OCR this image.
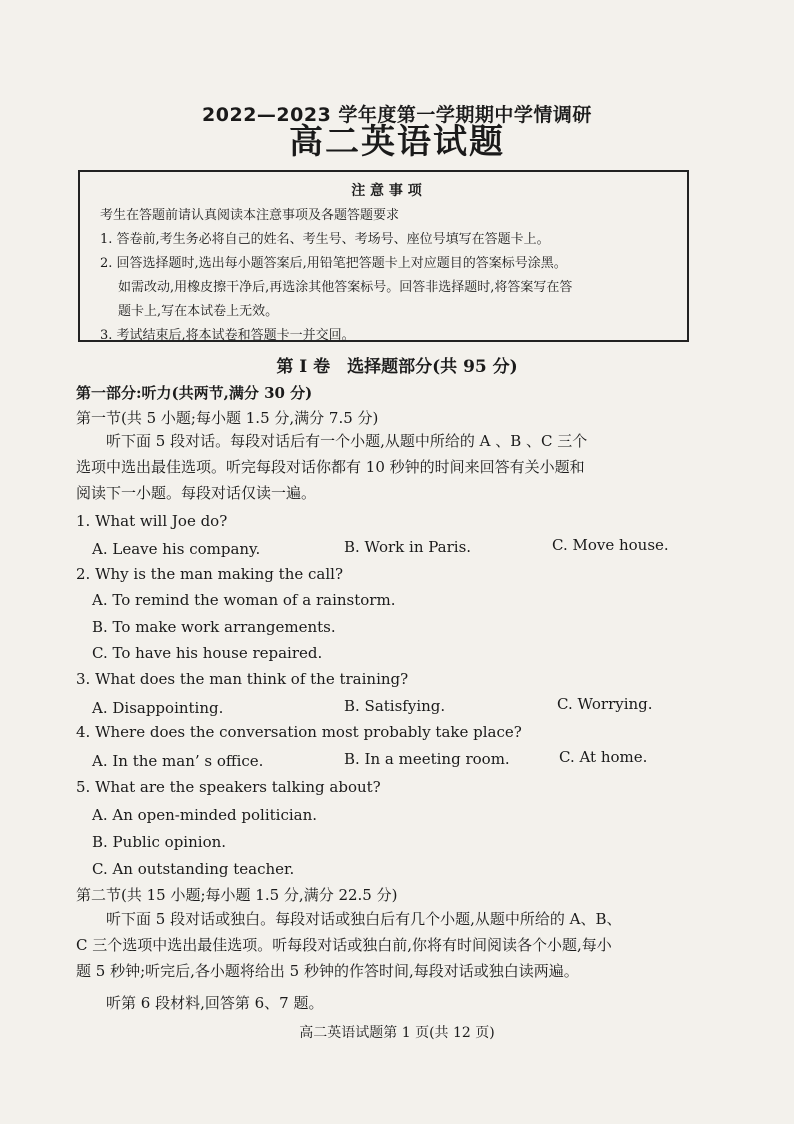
2022—2023 学年度第一学期期中学情调研
高二英语试题
注 意 事 项
考生在答题前请认真阅读本注意事项及各题答题要求
1. 答卷前,考生务必将自己的姓名、考生号、考场号、座位号填写在答题卡上。
2. 回答选择题时,选出每小题答案后,用铅笔把答题卡上对应题目的答案标号涂黑。
如需改动,用橡皮擦干净后,再选涂其他答案标号。回答非选择题时,将答案写在答
题卡上,写在本试卷上无效。
3. 考试结束后,将本试卷和答题卡一并交回。
第 I 卷　选择题部分(共 95 分)
第一部分:听力(共两节,满分 30 分)
第一节(共 5 小题;每小题 1.5 分,满分 7.5 分)
听下面 5 段对话。每段对话后有一个小题,从题中所给的 A 、B 、C 三个
选项中选出最佳选项。听完每段对话你都有 10 秒钟的时间来回答有关小题和
阅读下一小题。每段对话仅读一遍。
1. What will Joe do?
A. Leave his company.	B. Work in Paris.	C. Move house.
2. Why is the man making the call?
A. To remind the woman of a rainstorm.
B. To make work arrangements.
C. To have his house repaired.
3. What does the man think of the training?
A. Disappointing.	B. Satisfying.	C. Worrying.
4. Where does the conversation most probably take place?
A. In the man’ s office.	B. In a meeting room.	C. At home.
5. What are the speakers talking about?
A. An open-minded politician.
B. Public opinion.
C. An outstanding teacher.
第二节(共 15 小题;每小题 1.5 分,满分 22.5 分)
听下面 5 段对话或独白。每段对话或独白后有几个小题,从题中所给的 A、B、
C 三个选项中选出最佳选项。听每段对话或独白前,你将有时间阅读各个小题,每小
题 5 秒钟;听完后,各小题将给出 5 秒钟的作答时间,每段对话或独白读两遍。
听第 6 段材料,回答第 6、7 题。
高二英语试题第 1 页(共 12 页)
